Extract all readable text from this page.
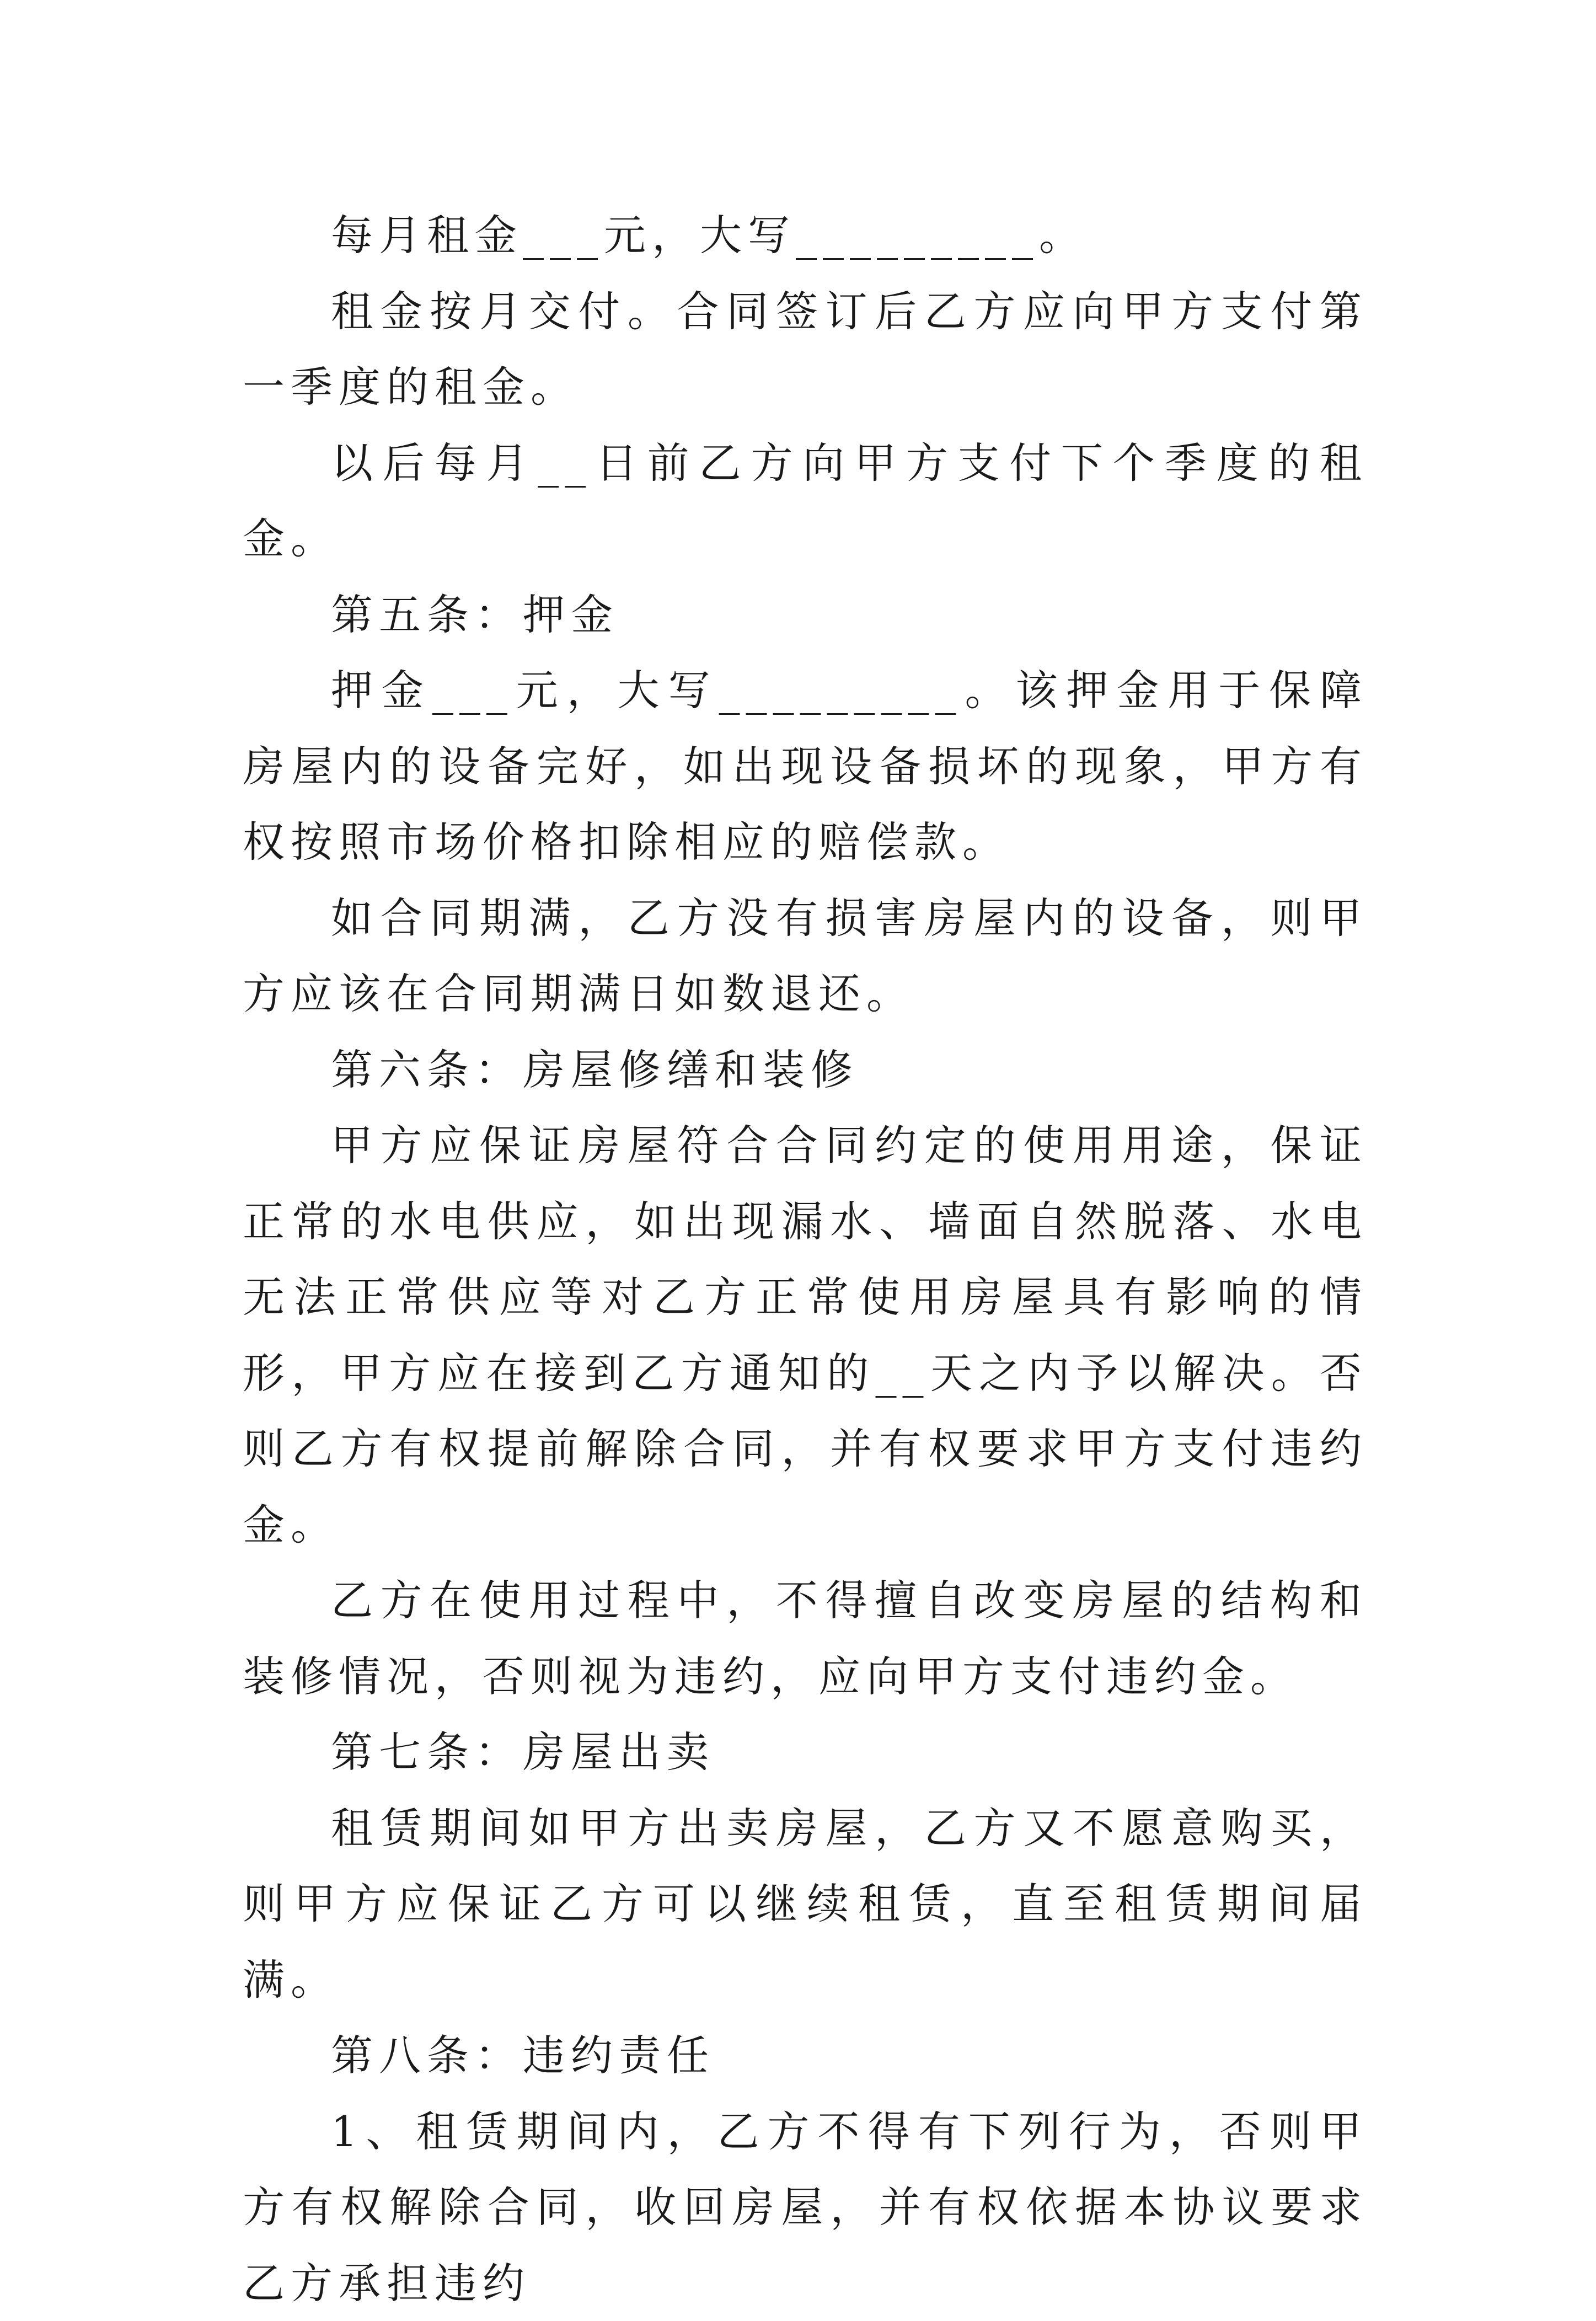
每月租金___元，大写_________。

租金按月交付。合同签订后乙方应向甲方支付第一季度的租金。

以后每月__日前乙方向甲方支付下个季度的租金。

第五条：押金

押金___元，大写_________。该押金用于保障房屋内的设备完好，如出现设备损坏的现象，甲方有权按照市场价格扣除相应的赔偿款。

如合同期满，乙方没有损害房屋内的设备，则甲方应该在合同期满日如数退还。

第六条：房屋修缮和装修

甲方应保证房屋符合合同约定的使用用途，保证正常的水电供应，如出现漏水、墙面自然脱落、水电无法正常供应等对乙方正常使用房屋具有影响的情形，甲方应在接到乙方通知的__天之内予以解决。否则乙方有权提前解除合同，并有权要求甲方支付违约金。

乙方在使用过程中，不得擅自改变房屋的结构和装修情况，否则视为违约，应向甲方支付违约金。

第七条：房屋出卖

租赁期间如甲方出卖房屋，乙方又不愿意购买，则甲方应保证乙方可以继续租赁，直至租赁期间届满。

第八条：违约责任

1、租赁期间内，乙方不得有下列行为，否则甲方有权解除合同，收回房屋，并有权依据本协议要求乙方承担违约
